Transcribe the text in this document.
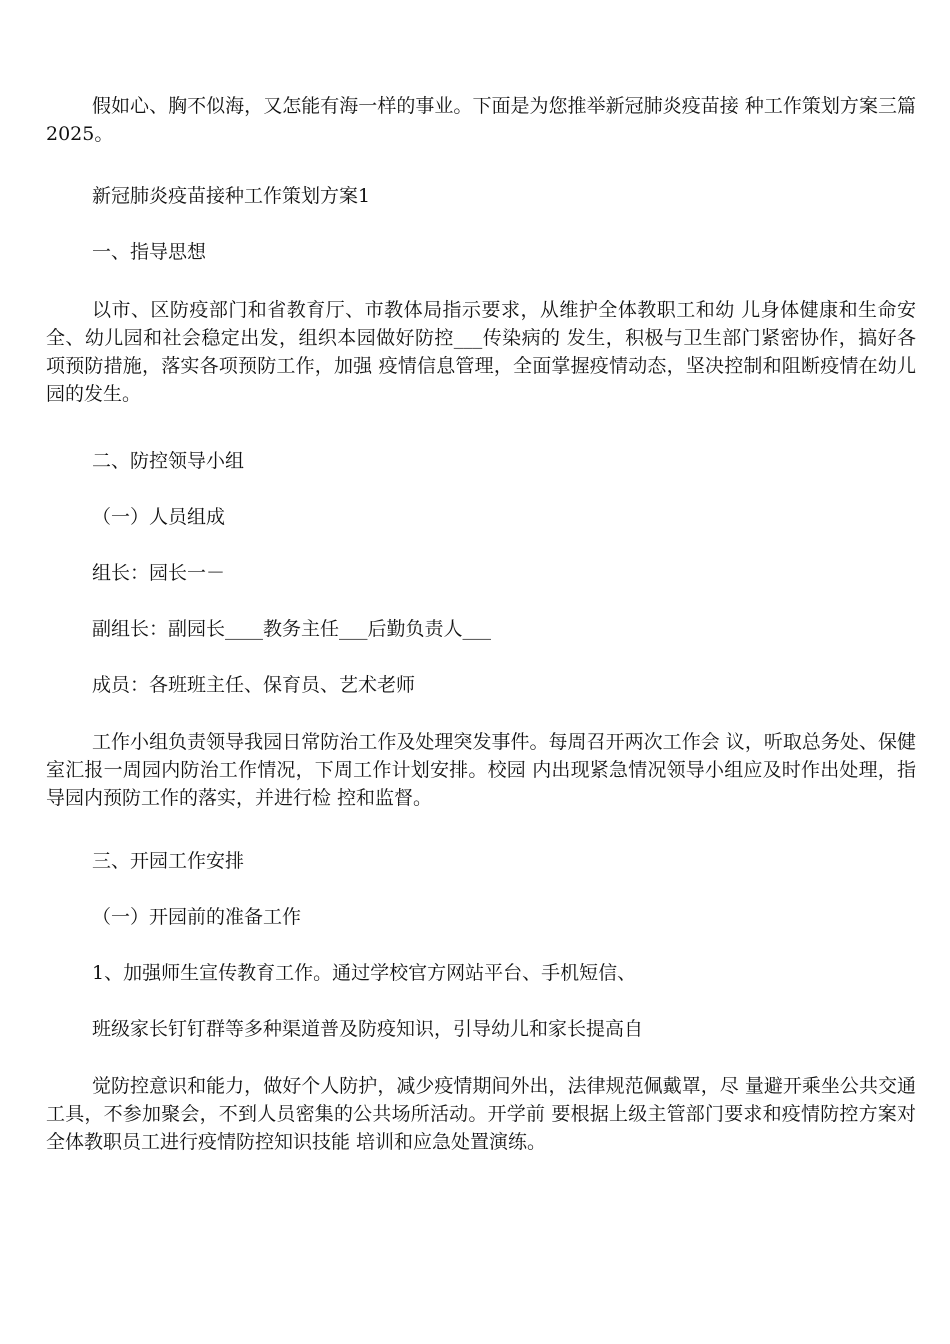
假如心、胸不似海，又怎能有海一样的事业。下面是为您推举新冠肺炎疫苗接 种工作策划方案三篇2025。

新冠肺炎疫苗接种工作策划方案1

一、指导思想

以市、区防疫部门和省教育厅、市教体局指示要求，从维护全体教职工和幼 儿身体健康和生命安全、幼儿园和社会稳定出发，组织本园做好防控___传染病的 发生，积极与卫生部门紧密协作，搞好各项预防措施，落实各项预防工作，加强 疫情信息管理，全面掌握疫情动态，坚决控制和阻断疫情在幼儿园的发生。

二、防控领导小组

（一）人员组成

组长：园长一－

副组长：副园长____教务主任___后勤负责人___

成员：各班班主任、保育员、艺术老师

工作小组负责领导我园日常防治工作及处理突发事件。每周召开两次工作会 议，听取总务处、保健室汇报一周园内防治工作情况，下周工作计划安排。校园 内出现紧急情况领导小组应及时作出处理，指导园内预防工作的落实，并进行检 控和监督。

三、开园工作安排

（一）开园前的准备工作

1、加强师生宣传教育工作。通过学校官方网站平台、手机短信、

班级家长钉钉群等多种渠道普及防疫知识，引导幼儿和家长提高自

觉防控意识和能力，做好个人防护，减少疫情期间外出，法律规范佩戴罩，尽 量避开乘坐公共交通工具，不参加聚会，不到人员密集的公共场所活动。开学前 要根据上级主管部门要求和疫情防控方案对全体教职员工进行疫情防控知识技能 培训和应急处置演练。
